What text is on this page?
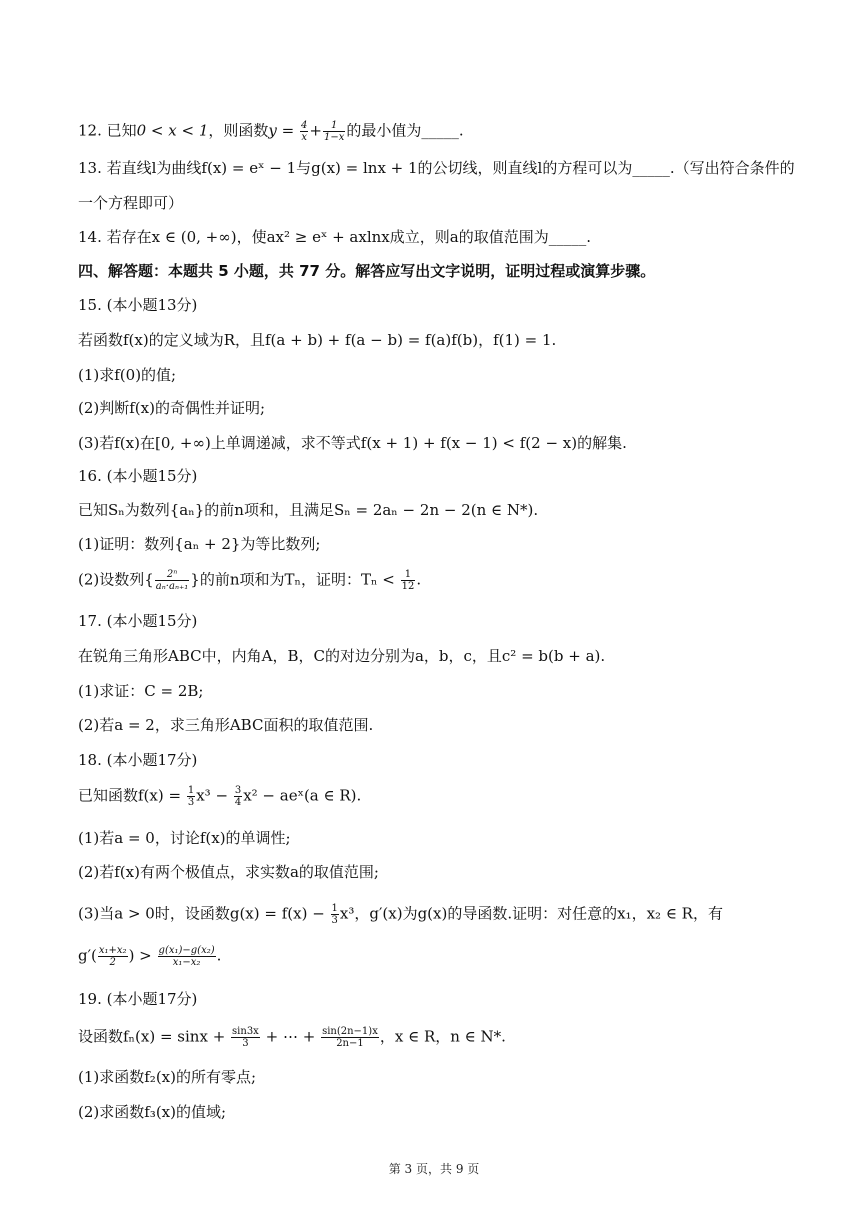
12. 已知0 < x < 1，则函数$y = \frac{4}{x} + \frac{1}{1-x}$ 的最小值为_____.
13. 若直线l为曲线f(x) = eˣ − 1与g(x) = lnx + 1的公切线，则直线l的方程可以为_____.（写出符合条件的
一个方程即可）
14. 若存在x ∈ (0, +∞)，使ax² ≥ eˣ + axlnx成立，则a的取值范围为_____.
四、解答题：本题共 5 小题，共 77 分。解答应写出文字说明，证明过程或演算步骤。
15. (本小题13分)
若函数f(x)的定义域为R，且f(a + b) + f(a − b) = f(a)f(b)，f(1) = 1.
(1)求f(0)的值;
(2)判断f(x)的奇偶性并证明;
(3)若f(x)在[0, +∞)上单调递减，求不等式f(x + 1) + f(x − 1) < f(2 − x)的解集.
16. (本小题15分)
已知Sₙ为数列{aₙ}的前n项和，且满足Sₙ = 2aₙ − 2n − 2(n ∈ N*).
(1)证明：数列{aₙ + 2}为等比数列;
(2)设数列{ $\frac{\text{2ⁿ}}{\text{aₙ·aₙ₊₁}}$ }的前n项和为Tₙ，证明：$T_n < \frac{1}{12}$ .
17. (本小题15分)
在锐角三角形ABC中，内角A，B，C的对边分别为a，b，c，且c² = b(b + a).
(1)求证：C = 2B;
(2)若a = 2，求三角形ABC面积的取值范围.
18. (本小题17分)
已知函数$f(x) = \frac{1}{3} x^3 - \frac{3}{4} x^2$ − aeˣ(a ∈ R).
(1)若a = 0，讨论f(x)的单调性;
(2)若f(x)有两个极值点，求实数a的取值范围;
(3)当a > 0时，设函数$g(x) = f(x) - \frac{1}{3} x^3$，g′(x)为g(x)的导函数.证明：对任意的x₁，x₂ ∈ R，有
$g'( \frac{\text{x₁+x₂}}{2}$ ) > $\frac{\text{g(x₁)−g(x₂)}}{\text{x₁−x₂}}$ .
19. (本小题17分)
设函数$f_n(x) = \sin x + \frac{\sin 3x}{3}$ + ⋯ + $\frac{\sin(2n-1)x}{2n-1}$ ，x ∈ R，n ∈ N*.
(1)求函数f₂(x)的所有零点;
(2)求函数f₃(x)的值域;
第 3 页，共 9 页
